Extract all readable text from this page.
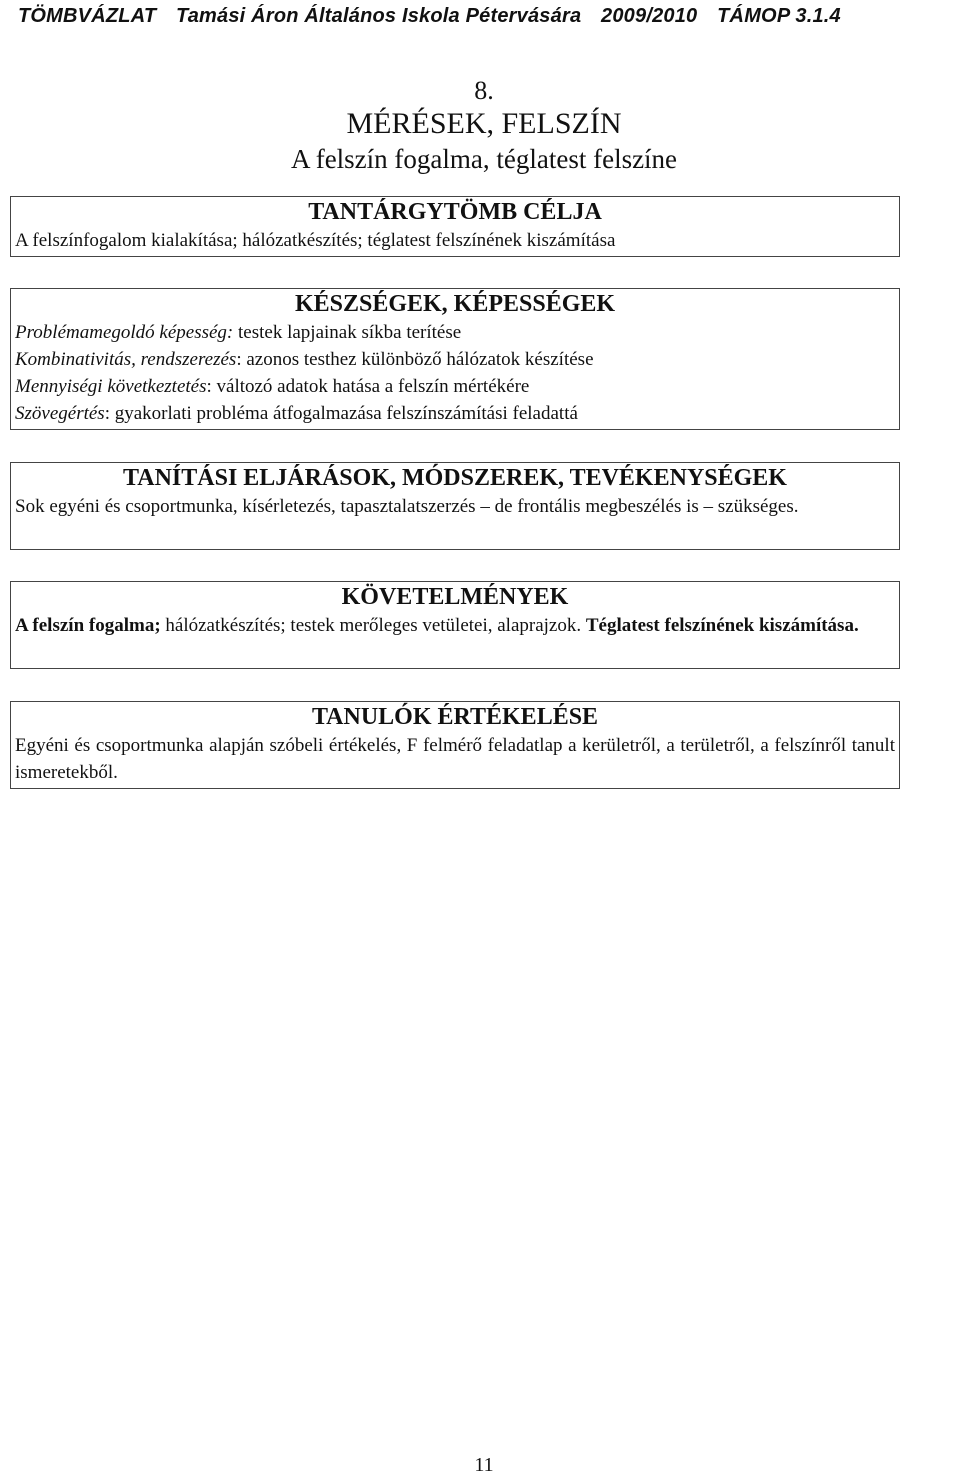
TÖMBVÁZLAT Tamási Áron Általános Iskola Pétervására 2009/2010 TÁMOP 3.1.4
8.
MÉRÉSEK, FELSZÍN
A felszín fogalma, téglatest felszíne
TANTÁRGYTÖMB CÉLJA

A felszínfogalom kialakítása; hálózatkészítés; téglatest felszínének kiszámítása

KÉSZSÉGEK, KÉPESSÉGEK

Problémamegoldó képesség: testek lapjainak síkba terítése

Kombinativitás, rendszerezés: azonos testhez különböző hálózatok készítése

Mennyiségi következtetés: változó adatok hatása a felszín mértékére

Szövegértés: gyakorlati probléma átfogalmazása felszínszámítási feladattá

TANÍTÁSI ELJÁRÁSOK, MÓDSZEREK, TEVÉKENYSÉGEK

Sok egyéni és csoportmunka, kísérletezés, tapasztalatszerzés – de frontális megbeszélés is – szükséges.

KÖVETELMÉNYEK

A felszín fogalma; hálózatkészítés; testek merőleges vetületei, alaprajzok. Téglatest felszínének kiszámítása.

TANULÓK ÉRTÉKELÉSE

Egyéni és csoportmunka alapján szóbeli értékelés, F felmérő feladatlap a kerületről, a területről, a felszínről tanult ismeretekből.

11
